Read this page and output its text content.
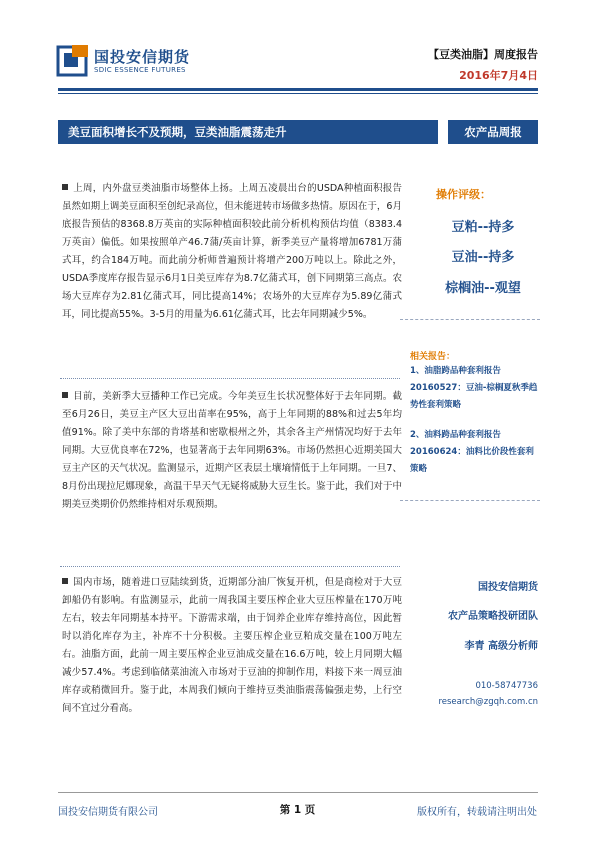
国投安信期货
SDIC ESSENCE FUTURES
【豆类油脂】周度报告
2016年7月4日
美豆面积增长不及预期，豆类油脂震荡走升	农产品周报
上周，内外盘豆类油脂市场整体上扬。上周五凌晨出台的USDA种植面积报告虽然如期上调美豆面积至创纪录高位，但未能迸转市场做多热情。原因在于，6月底报告预估的8368.8万英亩的实际种植面积较此前分析机构预估均值（8383.4万英亩）偏低。如果按照单产46.7蒲/英亩计算，新季美豆产量将增加6781万蒲式耳，约合184万吨。而此前分析师普遍预计将增产200万吨以上。除此之外，USDA季度库存报告显示6月1日美豆库存为8.7亿蒲式耳，创下同期第三高点。农场大豆库存为2.81亿蒲式耳，同比提高14%；农场外的大豆库存为5.89亿蒲式耳，同比提高55%。3-5月的用量为6.61亿蒲式耳，比去年同期减少5%。
目前，美新季大豆播种工作已完成。今年美豆生长状况整体好于去年同期。截至6月26日，美豆主产区大豆出苗率在95%，高于上年同期的88%和过去5年均值91%。除了美中东部的肯塔基和密歇根州之外，其余各主产州情况均好于去年同期。大豆优良率在72%，也显著高于去年同期63%。市场仍然担心近期美国大豆主产区的天气状况。监测显示，近期产区表层土壤墒情低于上年同期。一旦7、8月份出现拉尼娜现象，高温干旱天气无疑将威胁大豆生长。鉴于此，我们对于中期美豆类期价仍然维持相对乐观预期。
国内市场，随着进口豆陆续到货，近期部分油厂恢复开机，但是商检对于大豆卸船仍有影响。有监测显示，此前一周我国主要压榨企业大豆压榨量在170万吨左右，较去年同期基本持平。下游需求端，由于饲养企业库存维持高位，因此暂时以消化库存为主，补库不十分积极。主要压榨企业豆粕成交量在100万吨左右。油脂方面，此前一周主要压榨企业豆油成交量在16.6万吨，较上月同期大幅减少57.4%。考虑到临储菜油流入市场对于豆油的抑制作用，料接下来一周豆油库存或稍微回升。鉴于此，本周我们倾向于维持豆类油脂震荡偏强走势，上行空间不宜过分看高。
操作评级：
豆粕--持多
豆油--持多
棕榈油--观望
相关报告：
1、油脂跨品种套利报告20160527：豆油-棕榈夏秋季趋势性套利策略
2、油料跨品种套利报告20160624：油料比价段性套利策略
国投安信期货
农产品策略投研团队
李青 高级分析师
010-58747736
research@zgqh.com.cn
国投安信期货有限公司	第 1 页	版权所有，转载请注明出处
